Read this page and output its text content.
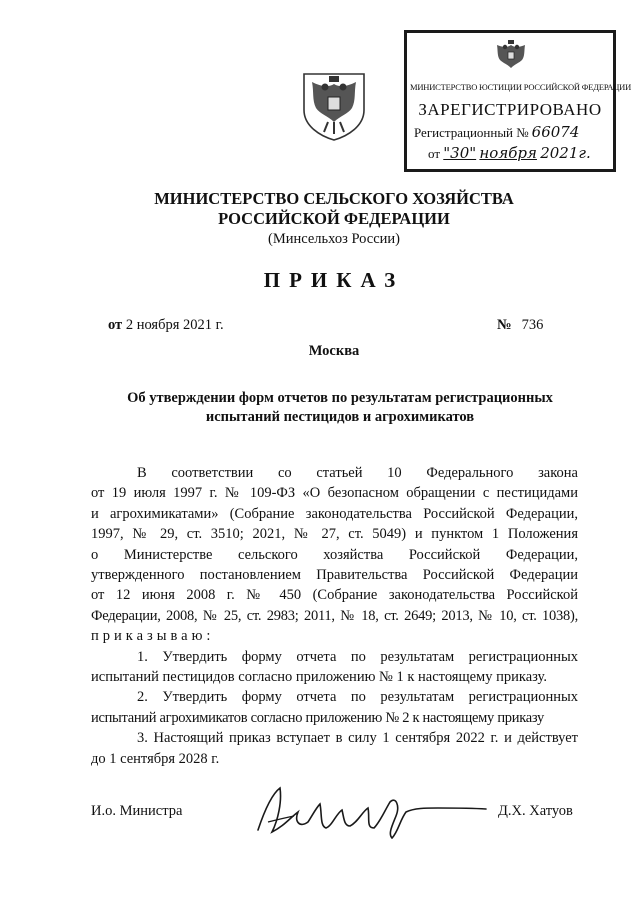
МИНИСТЕРСТВО ЮСТИЦИИ РОССИЙСКОЙ ФЕДЕРАЦИИ
ЗАРЕГИСТРИРОВАНО
Регистрационный № 66074
от "30" ноября 2021г.
МИНИСТЕРСТВО СЕЛЬСКОГО ХОЗЯЙСТВА
РОССИЙСКОЙ ФЕДЕРАЦИИ
(Минсельхоз России)
ПРИКАЗ
от 2 ноября 2021 г.	№ 736
Москва
Об утверждении форм отчетов по результатам регистрационных
испытаний пестицидов и агрохимикатов

В соответствии со статьей 10 Федерального закона

от 19 июля 1997 г. № 109-ФЗ «О безопасном обращении с пестицидами

и агрохимикатами» (Собрание законодательства Российской Федерации,

1997, № 29, ст. 3510; 2021, № 27, ст. 5049) и пунктом 1 Положения

о Министерстве сельского хозяйства Российской Федерации,

утвержденного постановлением Правительства Российской Федерации

от 12 июня 2008 г. № 450 (Собрание законодательства Российской

Федерации, 2008, № 25, ст. 2983; 2011, № 18, ст. 2649; 2013, № 10, ст. 1038),

приказываю:

1. Утвердить форму отчета по результатам регистрационных

испытаний пестицидов согласно приложению № 1 к настоящему приказу.

2. Утвердить форму отчета по результатам регистрационных

испытаний агрохимикатов согласно приложению № 2 к настоящему приказу

3. Настоящий приказ вступает в силу 1 сентября 2022 г. и действует

до 1 сентября 2028 г.

И.о. Министра	Д.Х. Хатуов
